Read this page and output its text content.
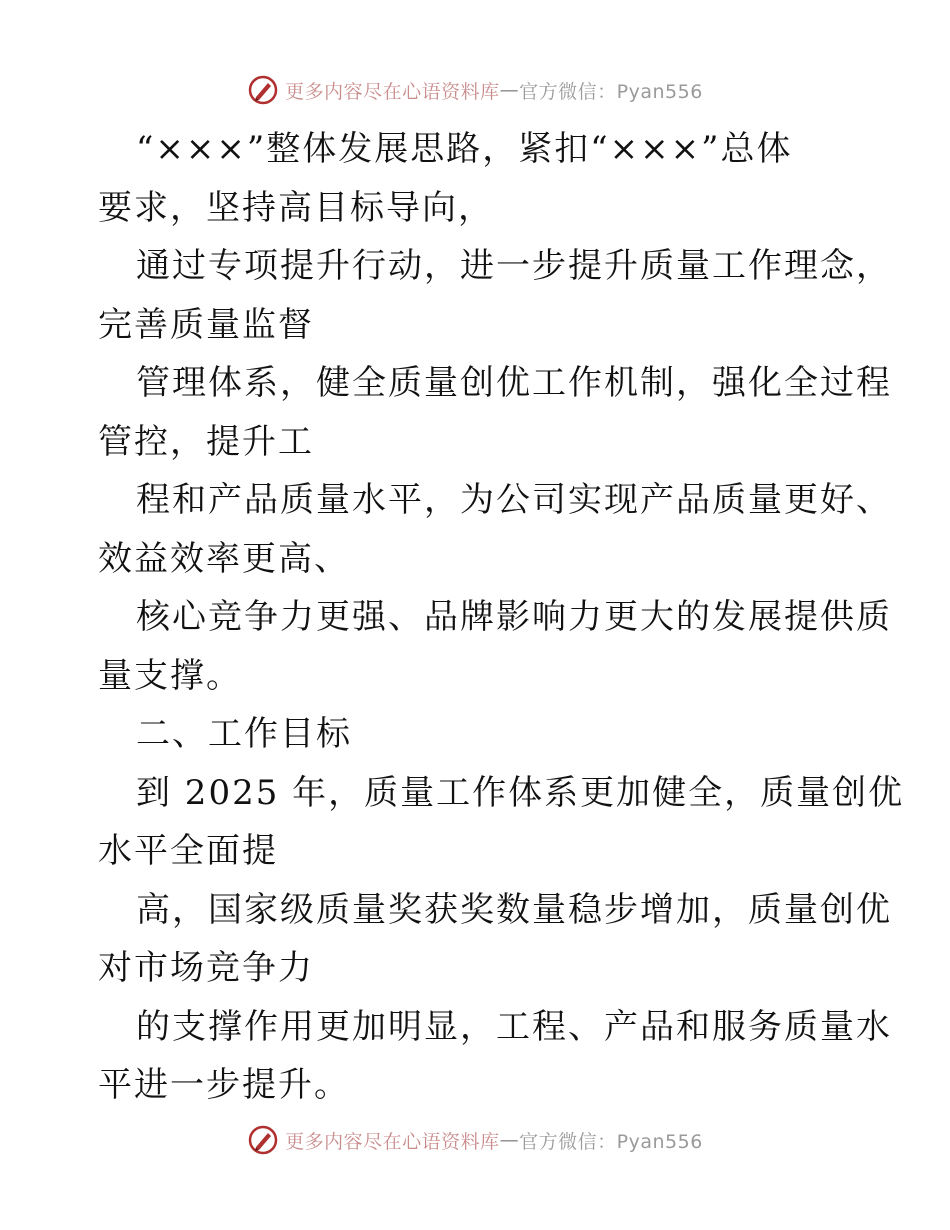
更多内容尽在心语资料库 — 官方微信：Pyan556
“×××”整体发展思路，紧扣“×××”总体
要求，坚持高目标导向，
通过专项提升行动，进一步提升质量工作理念，
完善质量监督
管理体系，健全质量创优工作机制，强化全过程
管控，提升工
程和产品质量水平，为公司实现产品质量更好、
效益效率更高、
核心竞争力更强、品牌影响力更大的发展提供质
量支撑。
二、工作目标
到 2025 年，质量工作体系更加健全，质量创优
水平全面提
高，国家级质量奖获奖数量稳步增加，质量创优
对市场竞争力
的支撑作用更加明显，工程、产品和服务质量水
平进一步提升。
更多内容尽在心语资料库 — 官方微信：Pyan556
